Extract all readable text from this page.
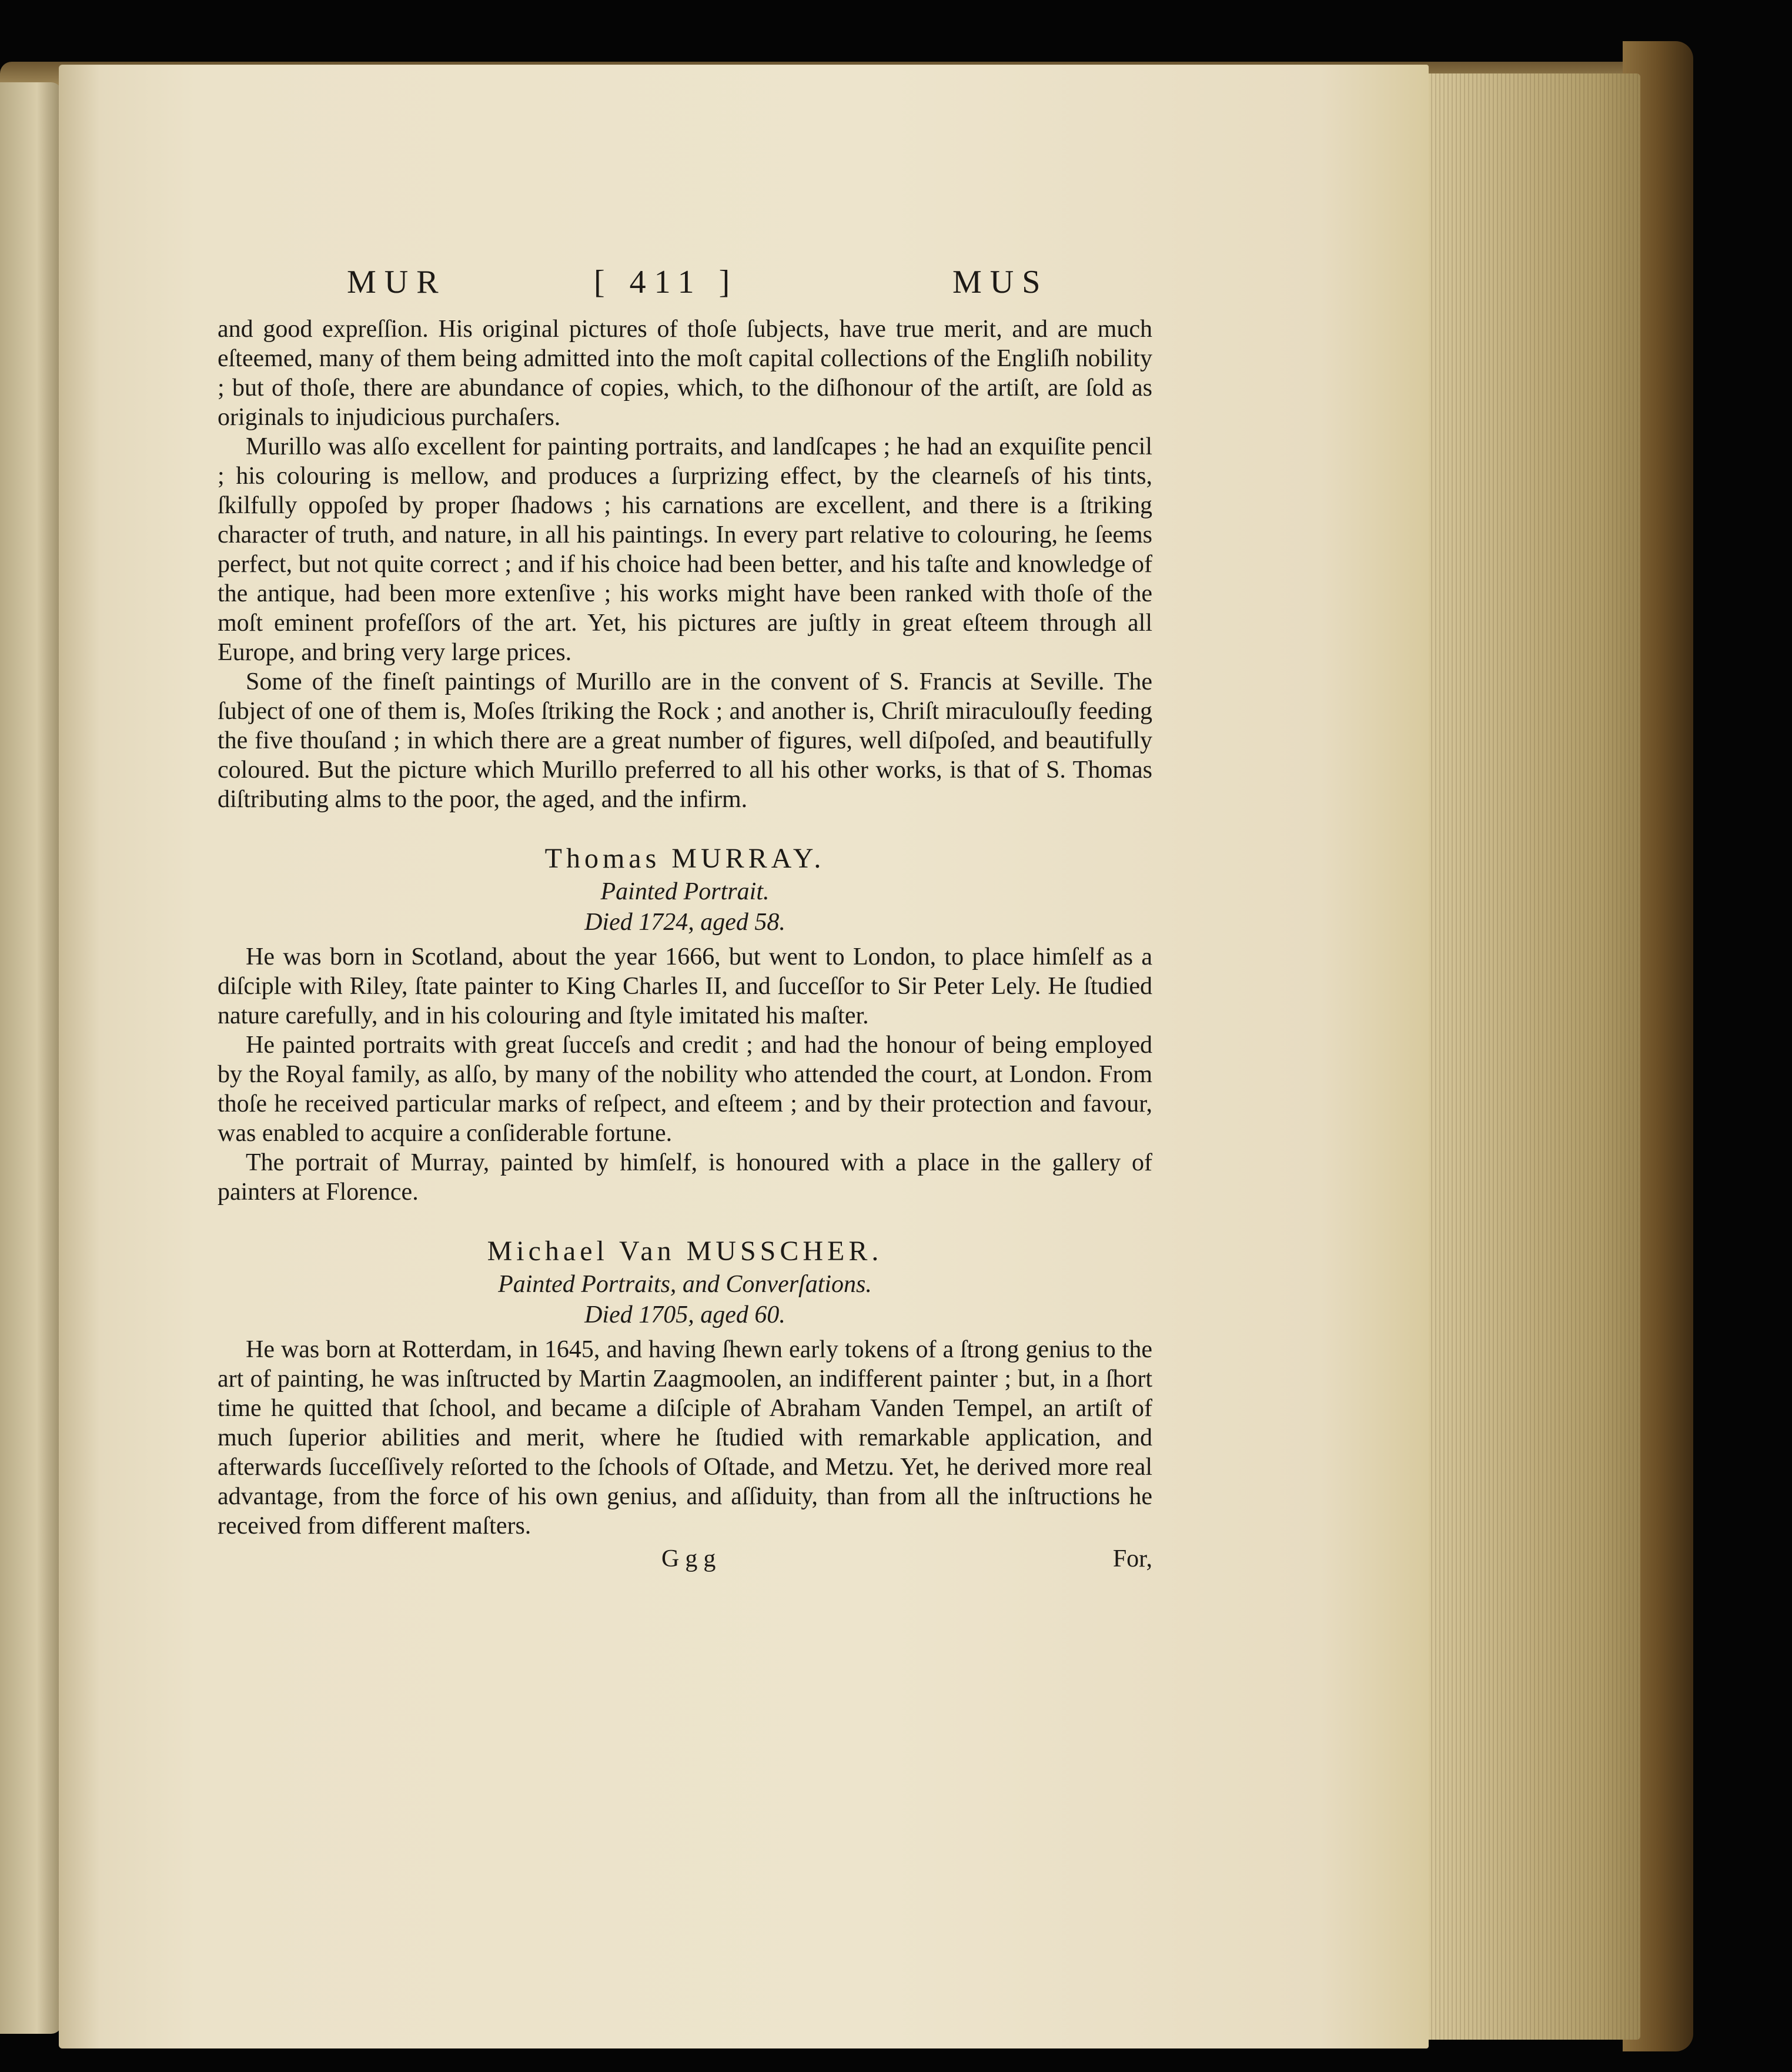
MUR	[ 411 ]	MUS

and good expreſſion. His original pictures of thoſe ſubjects, have true merit, and are much eſteemed, many of them being admitted into the moſt capital collections of the Engliſh nobility ; but of thoſe, there are abundance of copies, which, to the diſhonour of the artiſt, are ſold as originals to injudicious purchaſers.

Murillo was alſo excellent for painting portraits, and landſcapes ; he had an exquiſite pencil ; his colouring is mellow, and produces a ſurprizing effect, by the clearneſs of his tints, ſkilfully oppoſed by proper ſhadows ; his carnations are excellent, and there is a ſtriking character of truth, and nature, in all his paintings. In every part relative to colouring, he ſeems perfect, but not quite correct ; and if his choice had been better, and his taſte and knowledge of the antique, had been more extenſive ; his works might have been ranked with thoſe of the moſt eminent profeſſors of the art. Yet, his pictures are juſtly in great eſteem through all Europe, and bring very large prices.

Some of the fineſt paintings of Murillo are in the convent of S. Francis at Seville. The ſubject of one of them is, Moſes ſtriking the Rock ; and another is, Chriſt miraculouſly feeding the five thouſand ; in which there are a great number of figures, well diſpoſed, and beautifully coloured. But the picture which Murillo preferred to all his other works, is that of S. Thomas diſtributing alms to the poor, the aged, and the infirm.

Thomas MURRAY.
Painted Portrait.
Died 1724, aged 58.

He was born in Scotland, about the year 1666, but went to London, to place himſelf as a diſciple with Riley, ſtate painter to King Charles II, and ſucceſſor to Sir Peter Lely. He ſtudied nature carefully, and in his colouring and ſtyle imitated his maſter.

He painted portraits with great ſucceſs and credit ; and had the honour of being employed by the Royal family, as alſo, by many of the nobility who attended the court, at London. From thoſe he received particular marks of reſpect, and eſteem ; and by their protection and favour, was enabled to acquire a conſiderable fortune.

The portrait of Murray, painted by himſelf, is honoured with a place in the gallery of painters at Florence.

Michael Van MUSSCHER.
Painted Portraits, and Converſations.
Died 1705, aged 60.

He was born at Rotterdam, in 1645, and having ſhewn early tokens of a ſtrong genius to the art of painting, he was inſtructed by Martin Zaagmoolen, an indifferent painter ; but, in a ſhort time he quitted that ſchool, and became a diſciple of Abraham Vanden Tempel, an artiſt of much ſuperior abilities and merit, where he ſtudied with remarkable application, and afterwards ſucceſſively reſorted to the ſchools of Oſtade, and Metzu. Yet, he derived more real advantage, from the force of his own genius, and aſſiduity, than from all the inſtructions he received from different maſters.

Ggg	For,
